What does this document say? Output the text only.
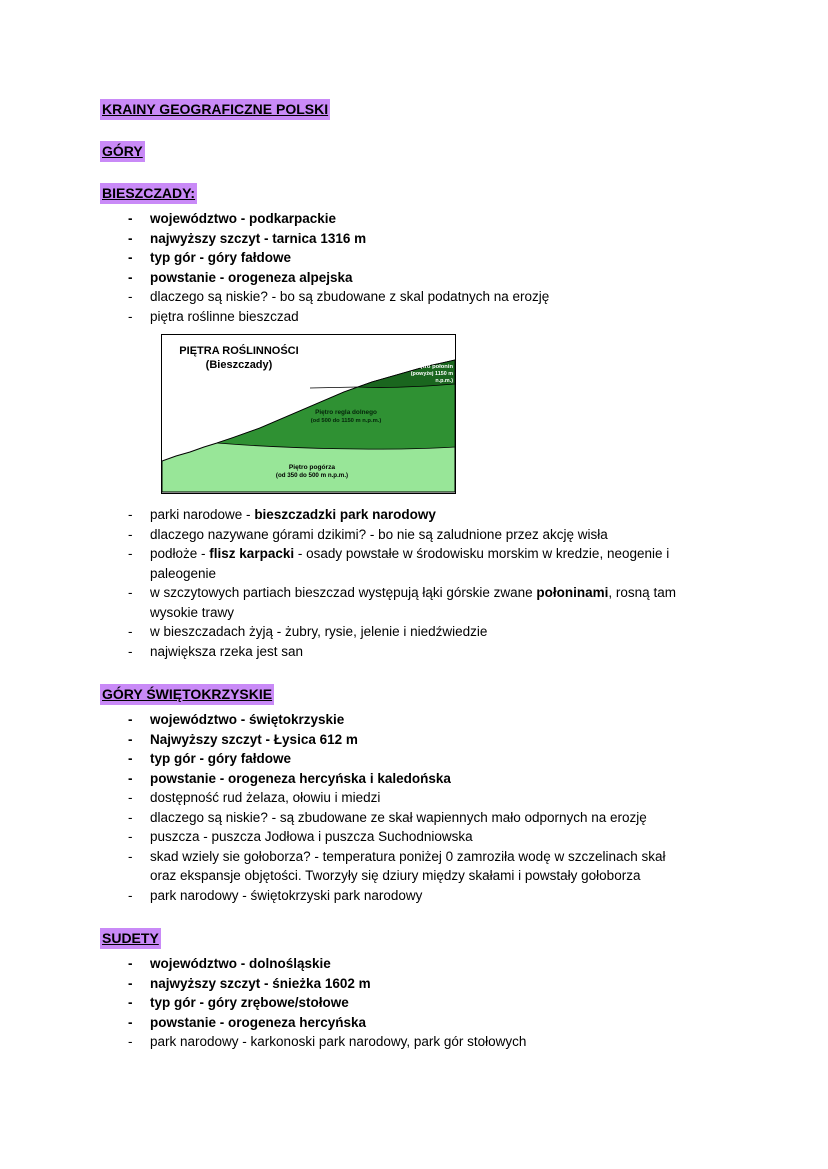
KRAINY GEOGRAFICZNE POLSKI
GÓRY
BIESZCZADY:
-	województwo - podkarpackie
-	najwyższy szczyt - tarnica 1316 m
-	typ gór - góry fałdowe
-	powstanie - orogeneza alpejska
-	dlaczego są niskie? - bo są zbudowane z skal podatnych na erozję
-	piętra roślinne bieszczad
Piętro połonin
(powyżej 1150 m
n.p.m.)
Piętro regla dolnego
(od 500 do 1150 m n.p.m.)
Piętro pogórza
(od 350 do 500 m n.p.m.)
PIĘTRA ROŚLINNOŚCI
(Bieszczady)
-	parki narodowe - bieszczadzki park narodowy
-	dlaczego nazywane górami dzikimi? - bo nie są zaludnione przez akcję wisła
-	podłoże - flisz karpacki - osady powstałe w środowisku morskim w kredzie, neogenie i paleogenie
-	w szczytowych partiach bieszczad występują łąki górskie zwane połoninami, rosną tam wysokie trawy
-	w bieszczadach żyją - żubry, rysie, jelenie i niedźwiedzie
-	największa rzeka jest san
GÓRY ŚWIĘTOKRZYSKIE
-	województwo - świętokrzyskie
-	Najwyższy szczyt - Łysica 612 m
-	typ gór - góry fałdowe
-	powstanie - orogeneza hercyńska i kaledońska
-	dostępność rud żelaza, ołowiu i miedzi
-	dlaczego są niskie? - są zbudowane ze skał wapiennych mało odpornych na erozję
-	puszcza - puszcza Jodłowa i puszcza Suchodniowska
-	skad wziely sie gołoborza? - temperatura poniżej 0 zamroziła wodę w szczelinach skał oraz ekspansje objętości. Tworzyły się dziury między skałami i powstały gołoborza
-	park narodowy - świętokrzyski park narodowy
SUDETY
-	województwo - dolnośląskie
-	najwyższy szczyt - śnieżka 1602 m
-	typ gór - góry zrębowe/stołowe
-	powstanie - orogeneza hercyńska
-	park narodowy - karkonoski park narodowy, park gór stołowych
